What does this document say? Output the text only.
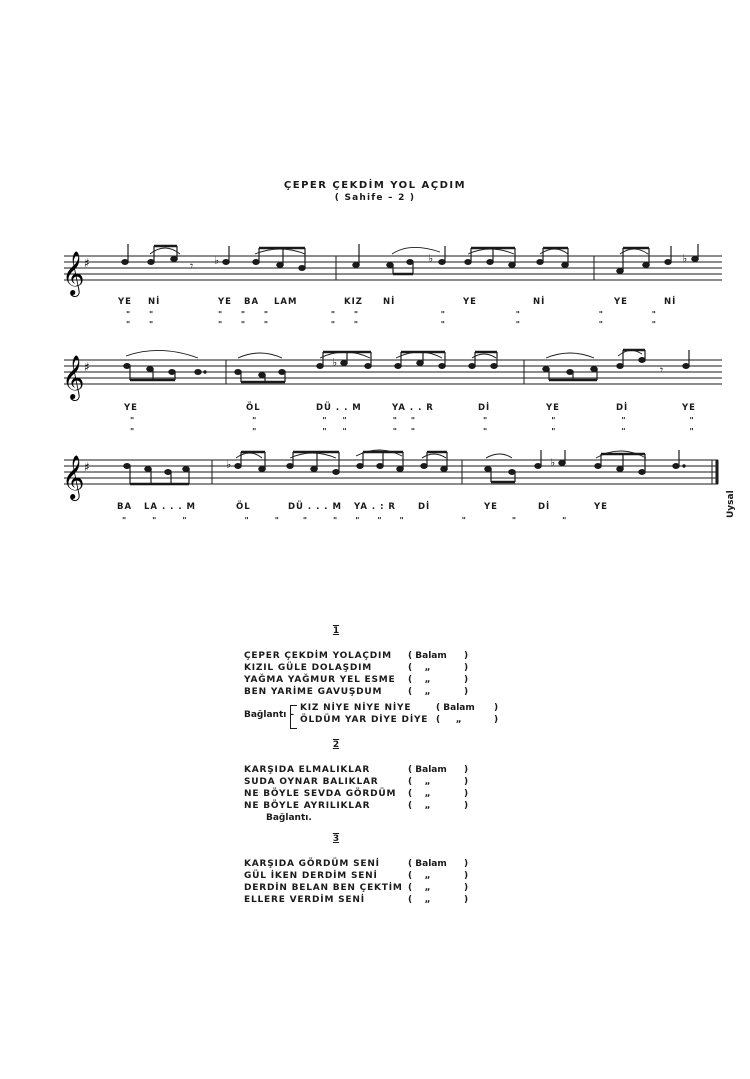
ÇEPER ÇEKDİM YOL AÇDIM
( Sahife – 2 )
𝄞 ♯	𝄾 ♭	♭	♭
YE Nİ	YE BA LAM	KIZ Nİ	YE	Nİ	YE	Nİ
" "	" " "	" "	"	"	"	"
" "	" " "	" "	"	"	"	"
𝄞 ♯	♭
𝄾
YE	ÖL	DÜ . . M	YA . . R	Dİ	YE	Dİ	YE
"	"	" "	" "	"	"	"	"
"	"	" "	" "	"	"	"	"
𝄞 ♯	♭	♭
Uysal
BA LA . . . M	ÖL	DÜ . . . M YA . : R	Dİ	YE	Dİ	YE
"	"	"	"	"	"	" " " "	"	"	"
1
ÇEPER ÇEKDİM YOLAÇDIM ( Balam )
KIZIL GÜLE DOLAŞDIM	( „	)
YAĞMA YAĞMUR YEL ESME ( „	)
BEN YARİME GAVUŞDUM	( „	)
Bağlantı –
KIZ NİYE NİYE NİYE	( Balam )
ÖLDÜM YAR DİYE DİYE ( „	)
2
KARŞIDA ELMALIKLAR	( Balam )
SUDA OYNAR BALIKLAR	( „	)
NE BÖYLE SEVDA GÖRDÜM ( „	)
NE BÖYLE AYRILIKLAR	( „	)
Bağlantı.
3
KARŞIDA GÖRDÜM SENİ	( Balam )
GÜL İKEN DERDİM SENİ	( „	)
DERDİN BELAN BEN ÇEKTİM ( „	)
ELLERE VERDİM SENİ	( „	)
